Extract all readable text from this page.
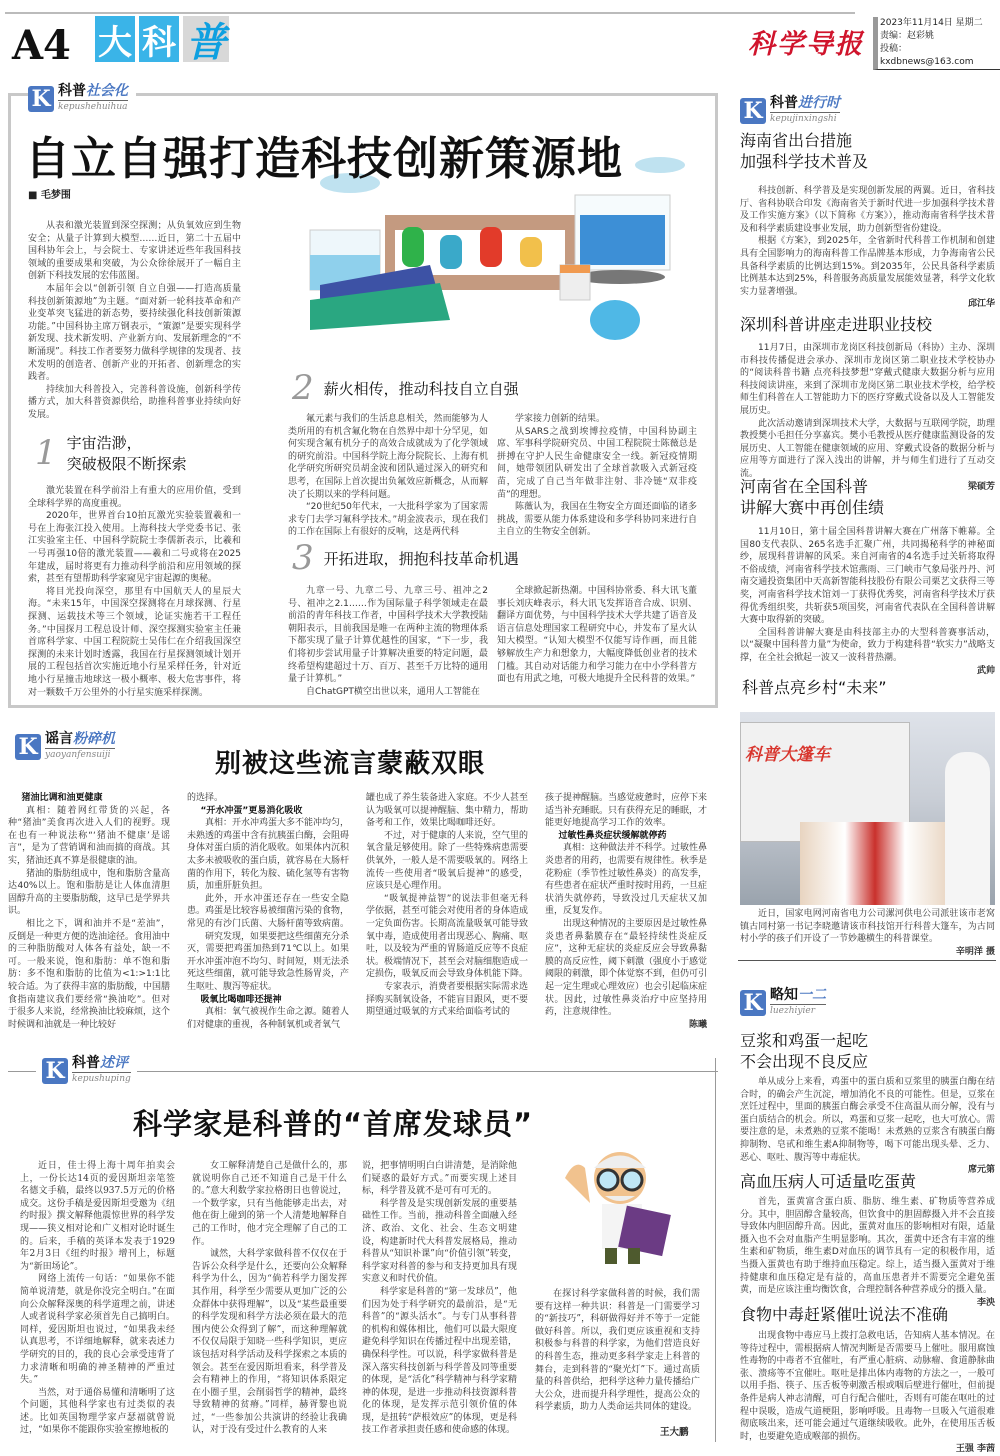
A4 大 科 普	科学导报
2023年11月14日 星期二
责编：赵彩姚
投稿：kxdbnews@163.com
K 科普社会化
kepushehuihua
自立自强打造科技创新策源地
■ 毛梦围

从表和激光装置到深空探测；从负氧效应到生物安全；从量子计算到大模型……近日，第二十五届中国科协年会上，与会院士、专家讲述近些年我国科技领域的重要成果和突破，为公众徐徐展开了一幅自主创新下科技发展的宏伟蓝图。

本届年会以“创新引领 自立自强——打造高质量科技创新策源地”为主题。“面对新一轮科技革命和产业变革突飞猛进的新态势，要持续强化科技创新策源功能。”中国科协主席万钢表示，“策源”是要实现科学新发现、技术新发明、产业新方向、发展新理念的“不断涌现”。科技工作者要努力做科学规律的发现者、技术发明的创造者、创新产业的开拓者、创新理念的实践者。

持续加大科普投入，完善科普设施，创新科学传播方式，加大科普资源供给，助推科普事业持续向好发展。

1 宇宙浩渺，
突破极限不断探索

激光装置在科学前沿上有重大的应用价值，受到全球科学界的高度重视。

2020年，世界首台10拍瓦激光实验装置羲和一号在上海张江投入使用。上海科技大学党委书记、张江实验室主任、中国科学院院士李儒新表示，比羲和一号再强10倍的激光装置——羲和二号或将在2025年建成，届时将更有力推动科学前沿和应用领域的探索，甚至有望帮助科学家窥见宇宙起源的奥秘。

将目光投向深空，那里有中国航天人的星辰大海。“未来15年，中国深空探测将在月球探测、行星探测、运载技术等三个领域，论证实施若干工程任务。”中国探月工程总设计师、深空探测实验室主任兼首席科学家、中国工程院院士吴伟仁在介绍我国深空探测的未来计划时透露，我国在行星探测领域计划开展的工程包括首次实施近地小行星采样任务，针对近地小行星撞击地球这一极小概率、极大危害事件，将对一颗数千万公里外的小行星实施采样探测。

2 薪火相传，推动科技自立自强

氟元素与我们的生活息息相关，然而能够为人类所用的有机含氟化物在自然界中却十分罕见，如何实现含氟有机分子的高效合成就成为了化学领域的研究前沿。中国科学院上海分院院长、上海有机化学研究所研究员胡金波和团队通过深入的研究和思考，在国际上首次提出负氟效应新概念，从而解决了长期以来的学科问题。

“20世纪50年代末，一大批科学家为了国家需求专门去学习氟科学技术。”胡金波表示，现在我们的工作在国际上有很好的反响，这是两代科

学家接力创新的结果。

从SARS之战到埃博拉疫情，中国科协副主席、军事科学院研究员、中国工程院院士陈薇总是拼搏在守护人民生命健康安全一线。新冠疫情期间，她带领团队研发出了全球首款吸入式新冠疫苗，完成了自己当年做非注射、非冷链“双非疫苗”的理想。

陈薇认为，我国在生物安全方面还面临的诸多挑战，需要从能力体系建设和多学科协同来进行自主自立的生物安全创新。

3 开拓进取，拥抱科技革命机遇

九章一号、九章二号、九章三号、祖冲之2号、祖冲之2.1……作为国际量子科学领域走在最前沿的青年科技工作者，中国科学技术大学教授陆朝阳表示，目前我国是唯一在两种主流的物理体系下都实现了量子计算优越性的国家，“下一步，我们将初步尝试用量子计算解决重要的特定问题，最终希望构建超过十万、百万、甚至千万比特的通用量子计算机。”

自ChatGPT横空出世以来，通用人工智能在

全球掀起新热潮。中国科协常委、科大讯飞董事长刘庆峰表示，科大讯飞发挥语音合成、识别、翻译方面优势，与中国科学技术大学共建了语音及语言信息处理国家工程研究中心，并发布了星火认知大模型。“认知大模型不仅能写诗作画，而且能够解放生产力和想象力，大幅度降低创业者的技术门槛。其自动对话能力和学习能力在中小学科普方面也有用武之地，可极大地提升全民科普的效果。”

K 谣言粉碎机
yaoyanfensuiji	别被这些流言蒙蔽双眼

猪油比调和油更健康

真相：随着网红带货的兴起，各种“猪油”美食再次进入人们的视野。现在也有一种说法称“‘猪油不健康’是谣言”，是为了营销调和油而搞的商战。其实，猪油还真不算是很健康的油。

猪油的脂肪组成中，饱和脂肪含量高达40%以上。饱和脂肪是让人体血清胆固醇升高的主要脂肪酸，这早已是学界共识。

相比之下，调和油并不是“差油”，反倒是一种更方便的选油途径。食用油中的三种脂肪酸对人体各有益处，缺一不可。一般来说，饱和脂肪：单不饱和脂肪：多不饱和脂肪的比值为<1:>1:1比较合适。为了获得丰富的脂肪酸，中国膳食指南建议我们要经常“换油吃”。但对于很多人来说，经常换油比较麻烦，这个时候调和油就是一种比较好

的选择。

“开水冲蛋”更易消化吸收

真相：开水冲鸡蛋大多不能冲均匀，未熟透的鸡蛋中含有抗胰蛋白酶，会阻碍身体对蛋白质的消化吸收。如果体内沉积太多未被吸收的蛋白质，就容易在大肠杆菌的作用下，转化为胺、硫化氢等有害物质，加重肝脏负担。

此外，开水冲蛋还存在一些安全隐患。鸡蛋是比较容易被细菌污染的食物，常见的有沙门氏菌、大肠杆菌等致病菌。

研究发现，如果要把这些细菌充分杀灭，需要把鸡蛋加热到71℃以上。如果开水冲蛋冲泡不均匀、时间短，则无法杀死这些细菌，就可能导致急性肠胃炎，产生呕吐、腹泻等症状。

吸氧比喝咖啡还提神

真相：氧气被视作生命之源。随着人们对健康的重视，各种制氧机或者氧气

罐也成了养生装备进入家庭。不少人甚至认为吸氧可以提神醒脑、集中精力，帮助备考和工作，效果比喝咖啡还好。

不过，对于健康的人来说，空气里的氧含量足够使用。除了一些特殊病患需要供氧外，一般人是不需要吸氧的。网络上流传一些使用者“吸氧后提神”的感受，应该只是心理作用。

“吸氧提神益智”的说法非但毫无科学依据，甚至可能会对使用者的身体造成一定负面伤害。长期高流量吸氧可能导致氧中毒，造成使用者出现恶心、胸痛、呕吐，以及较为严重的胃肠道反应等不良症状。极端情况下，甚至会对脑细胞造成一定损伤，吸氧反而会导致身体机能下降。

专家表示，消费者要根据实际需求选择购买制氧设备，不能盲目跟风，更不要期望通过吸氧的方式来给面临考试的

孩子提神醒脑。当感觉疲惫时，应停下来适当补充睡眠。只有获得充足的睡眠，才能更好地提高学习工作的效率。

过敏性鼻炎症状缓解就停药

真相：这种做法并不科学。过敏性鼻炎患者的用药，也需要有规律性。秋季是花粉症（季节性过敏性鼻炎）的高发季，有些患者在症状严重时按时用药，一旦症状消失就停药，导致没过几天症状又加重，反复发作。

出现这种情况的主要原因是过敏性鼻炎患者鼻黏膜存在“最轻持续性炎症反应”，这种无症状的炎症反应会导致鼻黏膜的高反应性，阈下刺激（强度小于感觉阈限的刺激，即个体觉察不到，但仍可引起一定生理或心理效应）也会引起临床症状。因此，过敏性鼻炎治疗中应坚持用药，注意规律性。

陈曦

K 科普述评
kepushuping
科学家是科普的“首席发球员”

近日，佳士得上海十周年拍卖会上，一份长达14页的爱因斯坦亲笔签名德文手稿，最终以937.5万元的价格成交。这份手稿是爱因斯坦受邀为《纽约时报》撰文解释他震惊世界的科学发现——狭义相对论和广义相对论时诞生的。后来，手稿的英译本发表于1929年2月3日《纽约时报》增刊上，标题为“新田场论”。

网络上流传一句话：“如果你不能简单说清楚，就是你没完全明白。”在面向公众解释深奥的科学道理之前，讲述人或者说科学家必须首先自己搞明白。同样，爱因斯坦也说过，“如果我未经认真思考，不详细地解释，就来表述力学研究的目的，我的良心会承受违背了力求清晰和明确的神圣精神的严重过失。”

当然，对于通俗易懂和清晰明了这个问题，其他科学家也有过类似的表述。比如英国物理学家卢瑟福就曾说过，“如果你不能跟你实验室擦地板的

女工解释清楚自己是做什么的，那就说明你自己还不知道自己是干什么的。”意大利数学家拉格朗日也曾说过，一个数学家，只有当他能够走出去，对他在街上碰到的第一个人清楚地解释自己的工作时，他才完全理解了自己的工作。

诚然，大科学家做科普不仅仅在于告诉公众科学是什么，还要向公众解释科学为什么，因为“倘若科学力图发挥其作用，科学至少需要从更加广泛的公众群体中获得理解”，以及“某些最重要的科学发现和科学方法必须在最大的范围内使公众得到了解”，而这种理解就不仅仅局限于知晓一些科学知识，更应该包括对科学活动及科学探索之本质的领会。甚至在爱因斯坦看来，科学普及会有精神上的作用，“将知识体系限定在小圈子里，会削弱哲学的精神，最终导致精神的贫瘠。”同样，赫胥黎也说过，“一些参加公共演讲的经验让我确认，对于没有受过什么教育的人来

说，把事情明明白白讲清楚，是消除他们疑惑的最好方式。”而要实现上述目标，科学普及就不是可有可无的。

科学普及是实现创新发展的重要基础性工作。当前，推动科普全面融入经济、政治、文化、社会、生态文明建设，构建新时代大科普发展格局，推动科普从“知识补课”向“价值引领”转变，科学家对科普的参与和支持更加具有现实意义和时代价值。

科学家是科普的“第一发球员”，他们因为处于科学研究的最前沿，是“无科普”的“源头活水”。与专门从事科普的机构和媒体相比，他们可以最大限度避免科学知识在传播过程中出现差错，确保科学性。可以说，科学家做科普是深入落实科技创新与科学普及同等重要的体现，是“活化”科学精神与科学家精神的体现，是进一步推动科技资源科普化的体现，是发挥示范引领价值的体现，是扭转“萨根效应”的体现，更是科技工作者承担责任感和使命感的体现。

在探讨科学家做科普的时候，我们需要有这样一种共识：科普是一门需要学习的“新技巧”，科研做得好并不等于一定能做好科普。所以，我们更应该重视和支持积极参与科普的科学家，为他们营造良好的科普生态，推动更多科学家走上科普的舞台，走到科普的“聚光灯”下。通过高质量的科普供给，把科学这种力量传播给广大公众，进而提升科学理性，提高公众的科学素质，助力人类命运共同体的建设。

王大鹏
K 科普进行时
kepujinxingshi
海南省出台措施
加强科学技术普及

科技创新、科学普及是实现创新发展的两翼。近日，省科技厅、省科协联合印发《海南省关于新时代进一步加强科学技术普及工作实施方案》（以下简称《方案》），推动海南省科学技术普及和科学素质建设事业发展，助力创新型省份建设。

根据《方案》，到2025年，全省新时代科普工作机制和创建具有全国影响力的海南科普工作品牌基本形成，力争海南省公民具备科学素质的比例达到15%。到2035年，公民具备科学素质比例基本达到25%，科普服务高质量发展能效显著，科学文化软实力显著增强。

邱江华

深圳科普讲座走进职业技校

11月7日，由深圳市龙岗区科技创新局（科协）主办、深圳市科技传播促进会承办、深圳市龙岗区第二职业技术学校协办的“阅读科普书籍 点亮科技梦想”穿戴式健康大数据分析与应用科技阅读讲座，来到了深圳市龙岗区第二职业技术学校，给学校师生们科普在人工智能助力下的医疗穿戴式设备以及人工智能发展历史。

此次活动邀请到深圳技术大学，大数据与互联网学院，助理教授樊小毛担任分享嘉宾。樊小毛教授从医疗健康监测设备的发展历史、人工智能在健康领域的应用、穿戴式设备的数据分析与应用等方面进行了深入浅出的讲解，并与师生们进行了互动交流。

梁硕芳

河南省在全国科普
讲解大赛中再创佳绩

11月10日，第十届全国科普讲解大赛在广州落下帷幕。全国80支代表队、265名选手汇聚广州，共同揭秘科学的神秘面纱，展现科普讲解的风采。来自河南省的4名选手过关斩将取得不俗成绩，河南省科学技术馆燕雨、三门峡市气象局张丹丹、河南交通投资集团中天高新智能科技股份有限公司栗艺文获得三等奖，河南省科学技术馆刘一丁获得优秀奖，河南省科学技术厅获得优秀组织奖，共斩获5项国奖，河南省代表队在全国科普讲解大赛中取得新的突破。

全国科普讲解大赛是由科技部主办的大型科普赛事活动，以“凝聚中国科普力量”为使命，致力于构建科普“软实力”战略支撑，在全社会掀起一波又一波科普热潮。

武帅

科普点亮乡村“未来”
科普大篷车

近日，国家电网河南省电力公司漯河供电公司派驻该市老窝镇古同村第一书记李晓邀请该市科技馆开行科普大篷车，为古同村小学的孩子们开设了一节妙趣横生的科普课堂。

辛明洋 摄

K 略知一二
luezhiyier
豆浆和鸡蛋一起吃
不会出现不良反应

单从成分上来看，鸡蛋中的蛋白质和豆浆里的胰蛋白酶在结合时，的确会产生沉淀，增加消化不良的可能性。但是，豆浆在烹饪过程中，里面的胰蛋白酶会承受不住高温从而分解，没有与蛋白质结合的机会。所以，鸡蛋和豆浆一起吃，也大可放心。需要注意的是，未煮熟的豆浆不能喝！未煮熟的豆浆含有胰蛋白酶抑制物、皂甙和维生素A抑制物等，喝下可能出现头晕、乏力、恶心、呕吐、腹泻等中毒症状。

席元第

高血压病人可适量吃蛋黄

首先，蛋黄富含蛋白质、脂肪、维生素、矿物质等营养成分。其中，胆固醇含量较高，但饮食中的胆固醇摄入并不会直接导致体内胆固醇升高。因此，蛋黄对血压的影响相对有限，适量摄入也不会对血脂产生明显影响。其次，蛋黄中还含有丰富的维生素和矿物质，维生素D对血压的调节具有一定的积极作用，适当摄入蛋黄也有助于维持血压稳定。综上，适当摄入蛋黄对于维持健康和血压稳定是有益的，高血压患者并不需要完全避免蛋黄，而是应该注重均衡饮食，合理控制各种营养成分的摄入量。

李泱

食物中毒赶紧催吐说法不准确

出现食物中毒应马上拨打急救电话，告知病人基本情况。在等待过程中，需根据病人情况判断是否需要马上催吐。服用腐蚀性毒物的中毒者不宜催吐，有严重心脏病、动脉瘤、食道静脉曲张、溃疡等不宜催吐。呕吐是排出体内毒物的方法之一，一般可以用手指、筷子、压舌板等刺激舌根或咽后壁进行催吐，但前提条件是病人神志清醒，可自行配合催吐，否则有可能在呕吐的过程中误吸，造成气道梗阻，影响呼吸。且毒物一旦吸入气道很难彻底咳出来，还可能会通过气道继续吸收。此外，在使用压舌板时，也要避免造成喉部的损伤。

王强 李茜
